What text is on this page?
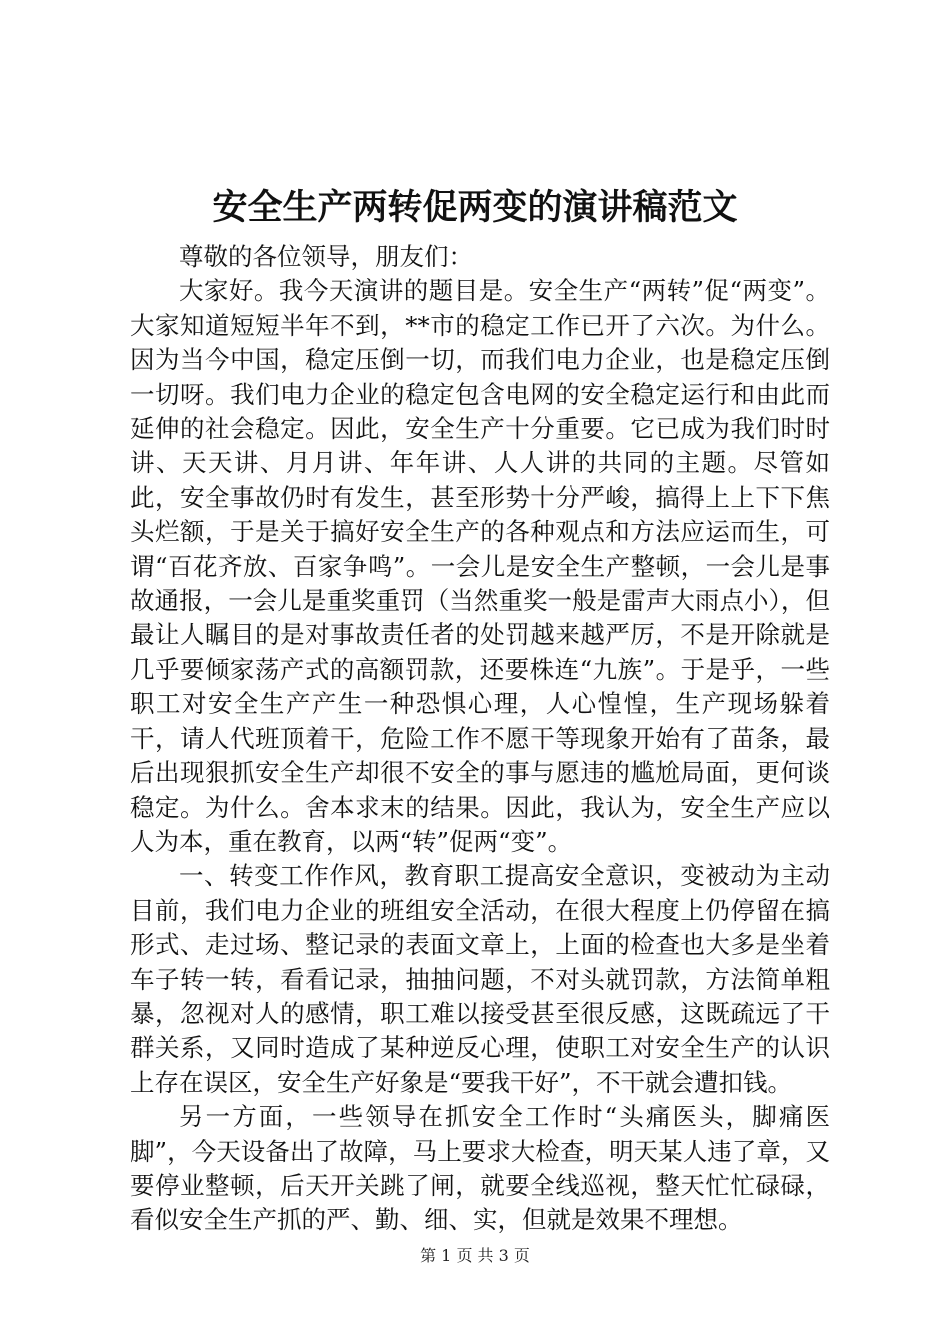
安全生产两转促两变的演讲稿范文

尊敬的各位领导，朋友们：

大家好。我今天演讲的题目是。安全生产“两转”促“两变”。大家知道短短半年不到，**市的稳定工作已开了六次。为什么。因为当今中国，稳定压倒一切，而我们电力企业，也是稳定压倒一切呀。我们电力企业的稳定包含电网的安全稳定运行和由此而延伸的社会稳定。因此，安全生产十分重要。它已成为我们时时讲、天天讲、月月讲、年年讲、人人讲的共同的主题。尽管如此，安全事故仍时有发生，甚至形势十分严峻，搞得上上下下焦头烂额，于是关于搞好安全生产的各种观点和方法应运而生，可谓“百花齐放、百家争鸣”。一会儿是安全生产整顿，一会儿是事故通报，一会儿是重奖重罚（当然重奖一般是雷声大雨点小），但最让人瞩目的是对事故责任者的处罚越来越严厉，不是开除就是几乎要倾家荡产式的高额罚款，还要株连“九族”。于是乎，一些职工对安全生产产生一种恐惧心理，人心惶惶，生产现场躲着干，请人代班顶着干，危险工作不愿干等现象开始有了苗条，最后出现狠抓安全生产却很不安全的事与愿违的尴尬局面，更何谈稳定。为什么。舍本求末的结果。因此，我认为，安全生产应以人为本，重在教育，以两“转”促两“变”。

一、转变工作作风，教育职工提高安全意识，变被动为主动目前，我们电力企业的班组安全活动，在很大程度上仍停留在搞形式、走过场、整记录的表面文章上，上面的检查也大多是坐着车子转一转，看看记录，抽抽问题，不对头就罚款，方法简单粗暴，忽视对人的感情，职工难以接受甚至很反感，这既疏远了干群关系，又同时造成了某种逆反心理，使职工对安全生产的认识上存在误区，安全生产好象是“要我干好”，不干就会遭扣钱。

另一方面，一些领导在抓安全工作时“头痛医头，脚痛医脚”，今天设备出了故障，马上要求大检查，明天某人违了章，又要停业整顿，后天开关跳了闸，就要全线巡视，整天忙忙碌碌，看似安全生产抓的严、勤、细、实，但就是效果不理想。

第 1 页 共 3 页
